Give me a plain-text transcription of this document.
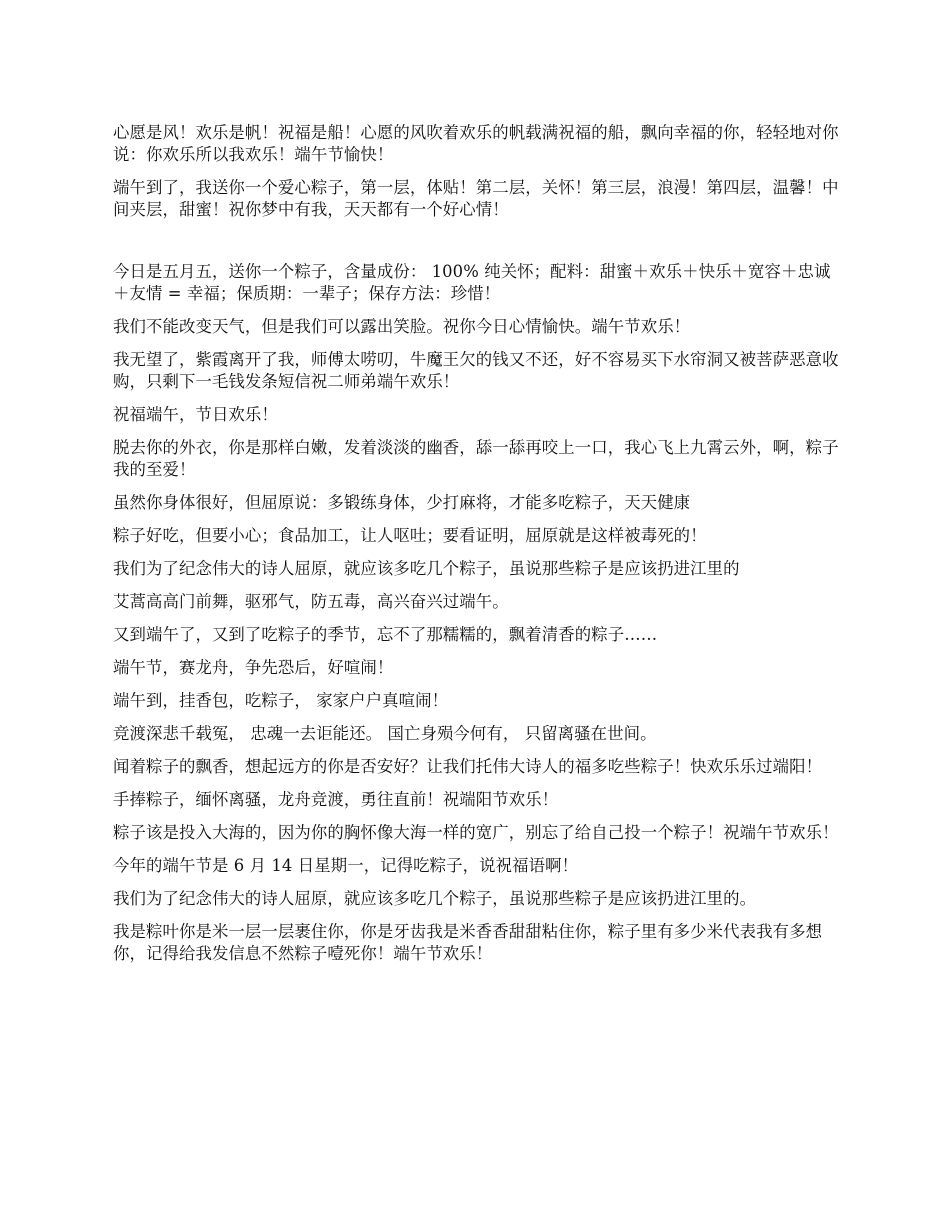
心愿是风！欢乐是帆！祝福是船！心愿的风吹着欢乐的帆载满祝福的船，飘向幸福的你，轻轻地对你说：你欢乐所以我欢乐！端午节愉快！

端午到了，我送你一个爱心粽子，第一层，体贴！第二层，关怀！第三层，浪漫！第四层，温馨！中间夹层，甜蜜！祝你梦中有我，天天都有一个好心情！

今日是五月五，送你一个粽子，含量成份： 100% 纯关怀；配料：甜蜜＋欢乐＋快乐＋宽容＋忠诚＋友情 = 幸福；保质期：一辈子；保存方法：珍惜！

我们不能改变天气，但是我们可以露出笑脸。祝你今日心情愉快。端午节欢乐！

我无望了，紫霞离开了我，师傅太唠叨，牛魔王欠的钱又不还，好不容易买下水帘洞又被菩萨恶意收购，只剩下一毛钱发条短信祝二师弟端午欢乐！

祝福端午，节日欢乐！

脱去你的外衣，你是那样白嫩，发着淡淡的幽香，舔一舔再咬上一口，我心飞上九霄云外，啊，粽子我的至爱！

虽然你身体很好，但屈原说：多锻练身体，少打麻将，才能多吃粽子，天天健康

粽子好吃，但要小心；食品加工，让人呕吐；要看证明，屈原就是这样被毒死的！

我们为了纪念伟大的诗人屈原，就应该多吃几个粽子，虽说那些粽子是应该扔进江里的

艾蒿高高门前舞，驱邪气，防五毒，高兴奋兴过端午。

又到端午了，又到了吃粽子的季节，忘不了那糯糯的，飘着清香的粽子……

端午节，赛龙舟，争先恐后，好喧闹！

端午到，挂香包，吃粽子， 家家户户真喧闹！

竞渡深悲千载冤， 忠魂一去讵能还。 国亡身殒今何有， 只留离骚在世间。

闻着粽子的飘香，想起远方的你是否安好？让我们托伟大诗人的福多吃些粽子！快欢乐乐过端阳！

手捧粽子，缅怀离骚，龙舟竞渡，勇往直前！祝端阳节欢乐！

粽子该是投入大海的，因为你的胸怀像大海一样的宽广，别忘了给自己投一个粽子！祝端午节欢乐！

今年的端午节是 6 月 14 日星期一，记得吃粽子，说祝福语啊！

我们为了纪念伟大的诗人屈原，就应该多吃几个粽子，虽说那些粽子是应该扔进江里的。

我是粽叶你是米一层一层裹住你，你是牙齿我是米香香甜甜粘住你，粽子里有多少米代表我有多想你，记得给我发信息不然粽子噎死你！端午节欢乐！
